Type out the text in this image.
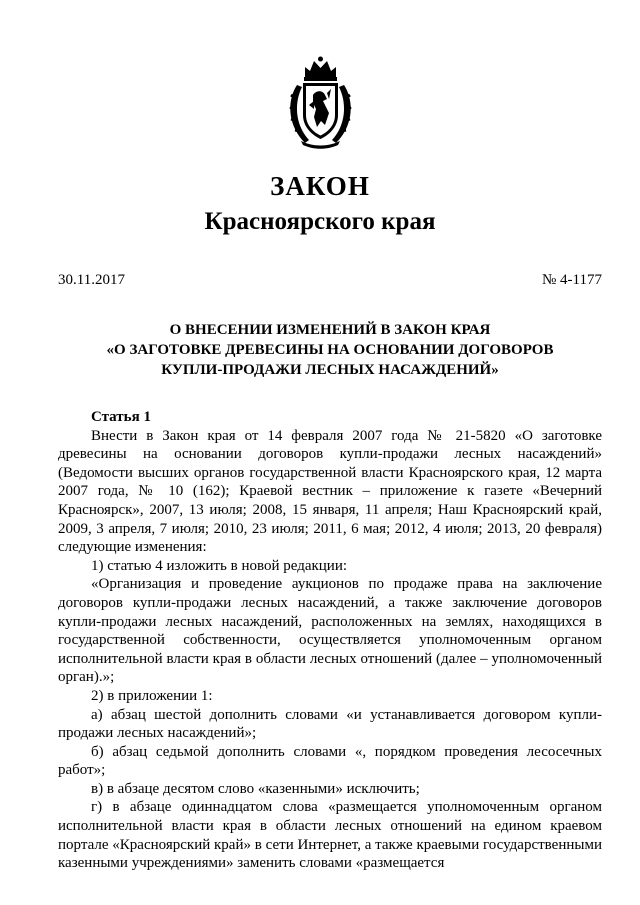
ЗАКОН
Красноярского края
30.11.2017	№ 4-1177
О ВНЕСЕНИИ ИЗМЕНЕНИЙ В ЗАКОН КРАЯ
«О ЗАГОТОВКЕ ДРЕВЕСИНЫ НА ОСНОВАНИИ ДОГОВОРОВ
КУПЛИ-ПРОДАЖИ ЛЕСНЫХ НАСАЖДЕНИЙ»

Статья 1

Внести в Закон края от 14 февраля 2007 года № 21-5820 «О заготовке древесины на основании договоров купли-продажи лесных насаждений» (Ведомости высших органов государственной власти Красноярского края, 12 марта 2007 года, № 10 (162); Краевой вестник – приложение к газете «Вечерний Красноярск», 2007, 13 июля; 2008, 15 января, 11 апреля; Наш Красноярский край, 2009, 3 апреля, 7 июля; 2010, 23 июля; 2011, 6 мая; 2012, 4 июля; 2013, 20 февраля) следующие изменения:

1) статью 4 изложить в новой редакции:

«Организация и проведение аукционов по продаже права на заключение договоров купли-продажи лесных насаждений, а также заключение договоров купли-продажи лесных насаждений, расположенных на землях, находящихся в государственной собственности, осуществляется уполномоченным органом исполнительной власти края в области лесных отношений (далее – уполномоченный орган).»;

2) в приложении 1:

а) абзац шестой дополнить словами «и устанавливается договором купли-продажи лесных насаждений»;

б) абзац седьмой дополнить словами «, порядком проведения лесосечных работ»;

в) в абзаце десятом слово «казенными» исключить;

г) в абзаце одиннадцатом слова «размещается уполномоченным органом исполнительной власти края в области лесных отношений на едином краевом портале «Красноярский край» в сети Интернет, а также краевыми государственными казенными учреждениями» заменить словами «размещается
